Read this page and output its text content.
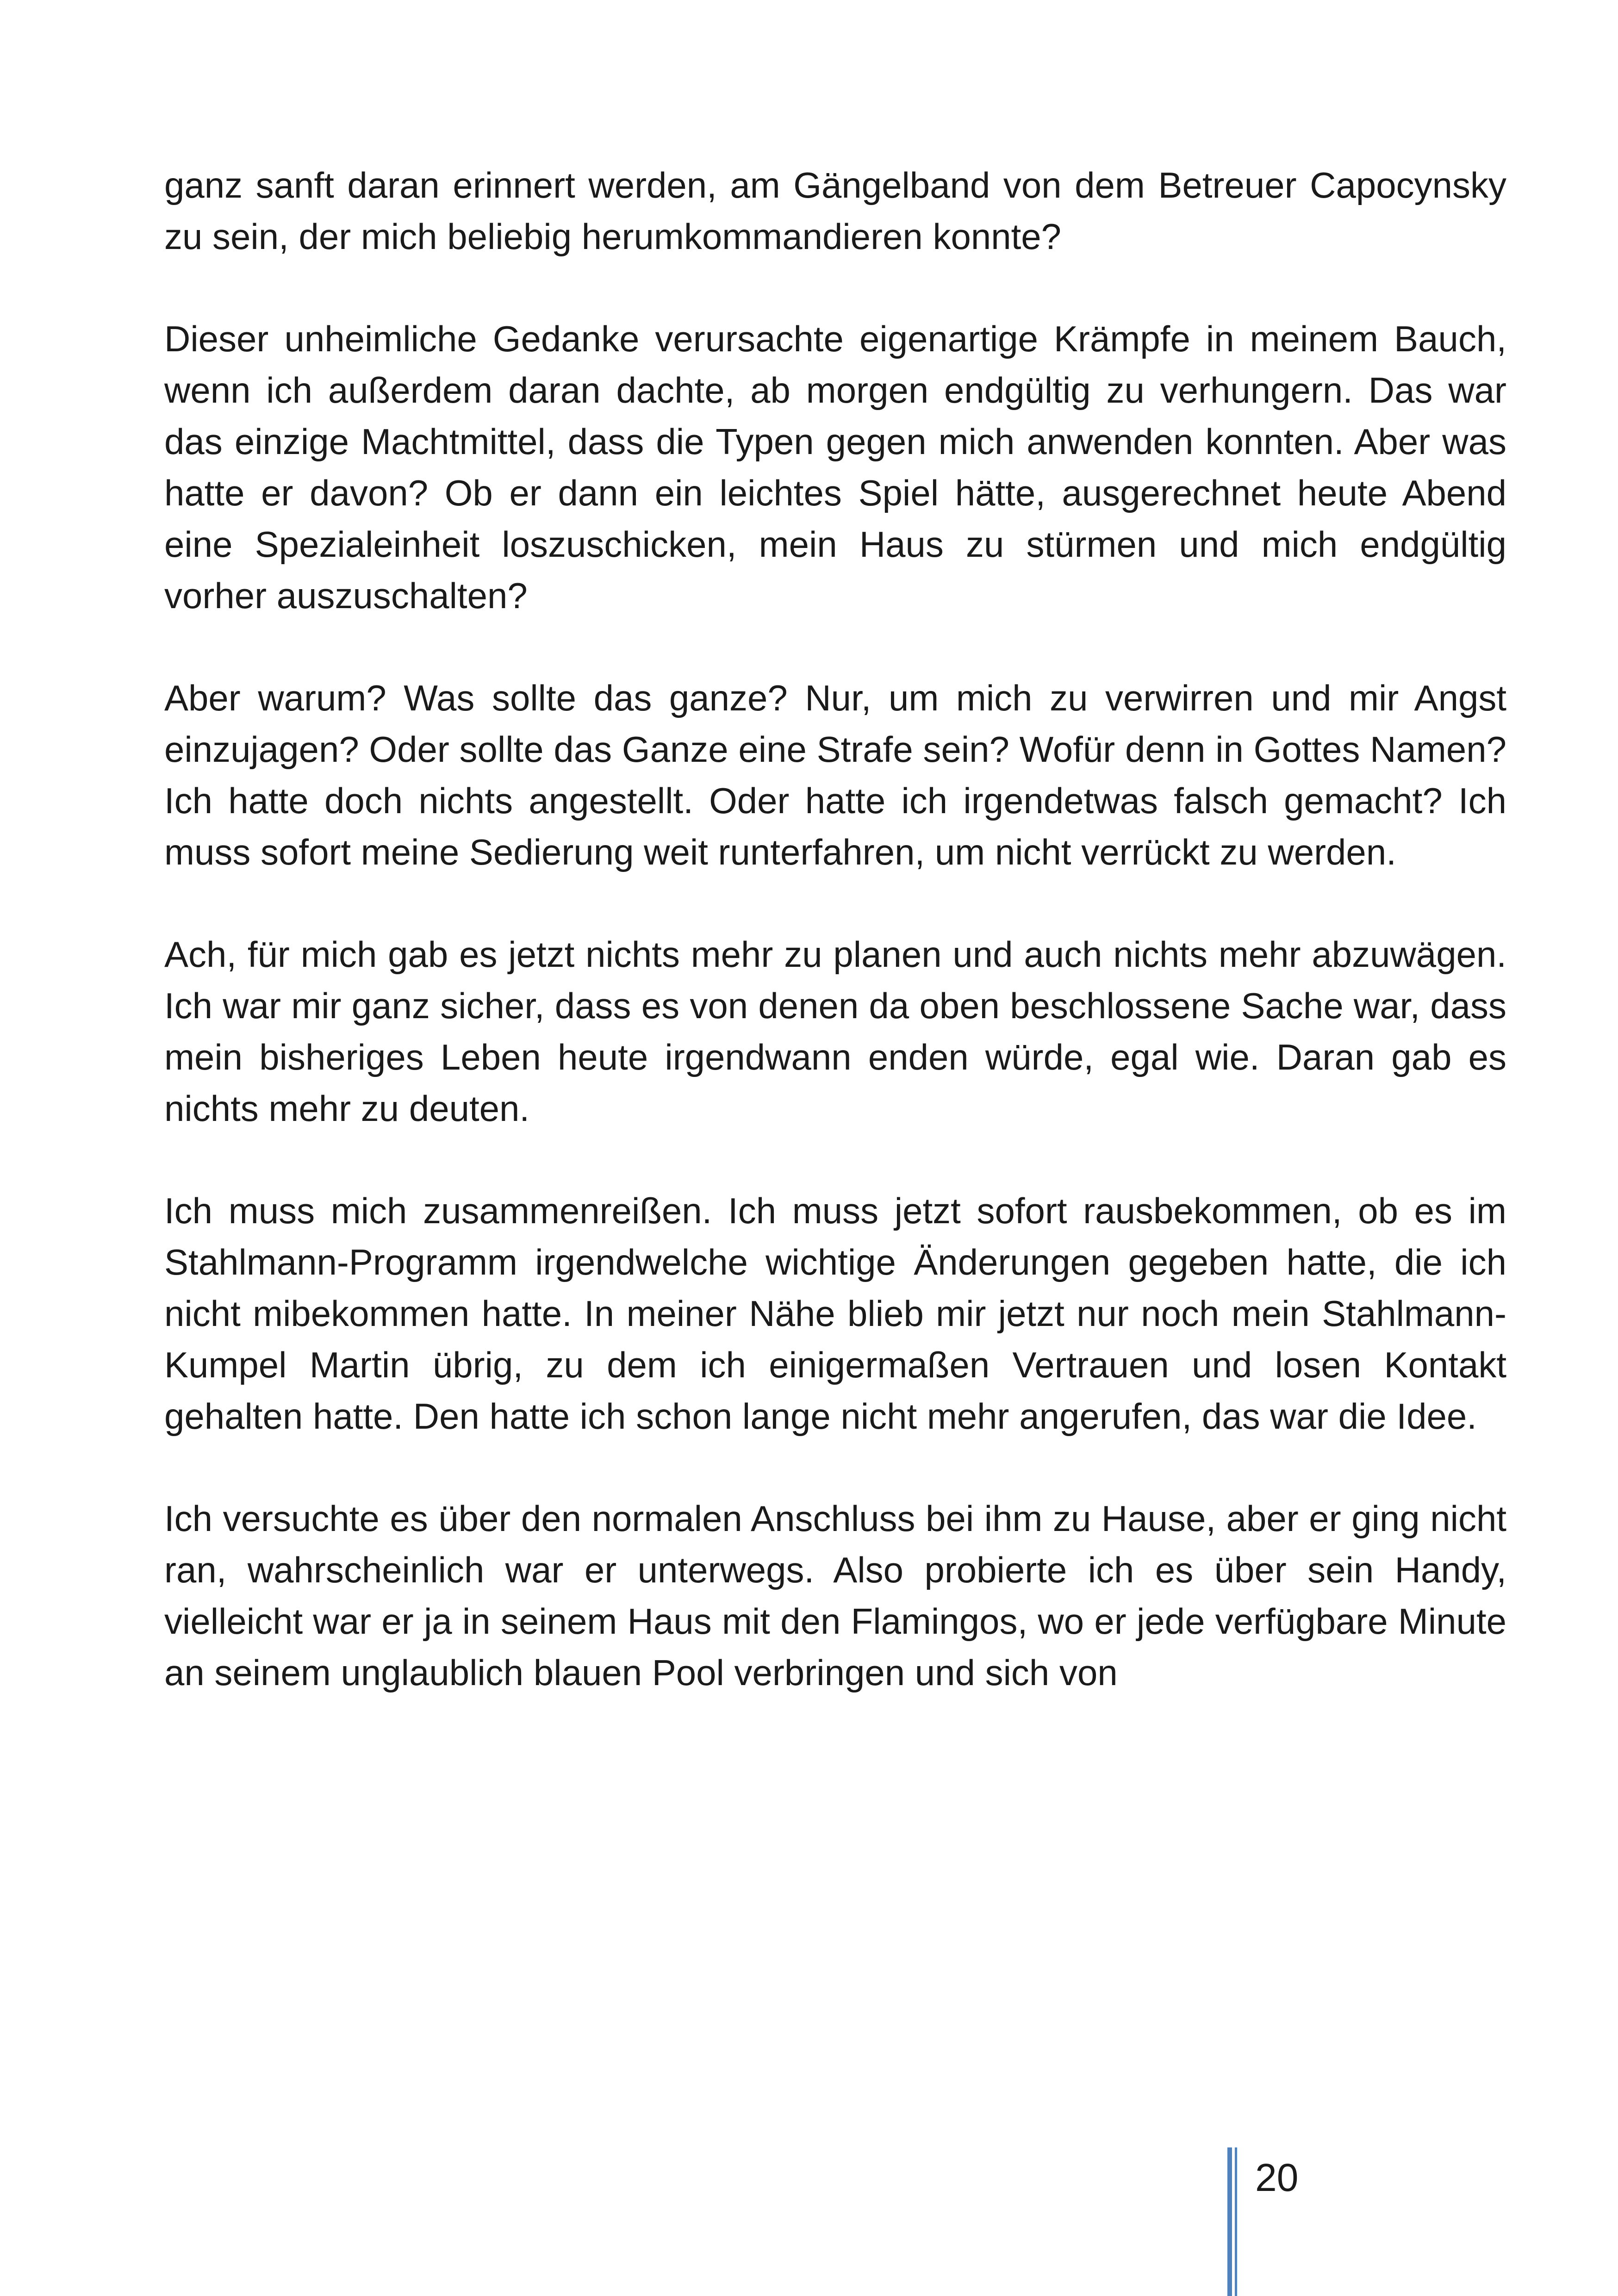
ganz sanft daran erinnert werden, am Gängelband von dem Betreuer Capocynsky zu sein, der mich beliebig herumkommandieren konnte?

Dieser unheimliche Gedanke verursachte eigenartige Krämpfe in meinem Bauch, wenn ich außerdem daran dachte, ab morgen endgültig zu verhungern. Das war das einzige Machtmittel, dass die Typen gegen mich anwenden konnten. Aber was hatte er davon? Ob er dann ein leichtes Spiel hätte, ausgerechnet heute Abend eine Spezialeinheit loszuschicken, mein Haus zu stürmen und mich endgültig vorher auszuschalten?

Aber warum? Was sollte das ganze? Nur, um mich zu verwirren und mir Angst einzujagen? Oder sollte das Ganze eine Strafe sein? Wofür denn in Gottes Namen? Ich hatte doch nichts angestellt. Oder hatte ich irgendetwas falsch gemacht? Ich muss sofort meine Sedierung weit runterfahren, um nicht verrückt zu werden.

Ach, für mich gab es jetzt nichts mehr zu planen und auch nichts mehr abzuwägen. Ich war mir ganz sicher, dass es von denen da oben beschlossene Sache war, dass mein bisheriges Leben heute irgendwann enden würde, egal wie. Daran gab es nichts mehr zu deuten.

Ich muss mich zusammenreißen. Ich muss jetzt sofort rausbekommen, ob es im Stahlmann-Programm irgendwelche wichtige Änderungen gegeben hatte, die ich nicht mibekommen hatte. In meiner Nähe blieb mir jetzt nur noch mein Stahlmann-Kumpel Martin übrig, zu dem ich einigermaßen Vertrauen und losen Kontakt gehalten hatte. Den hatte ich schon lange nicht mehr angerufen, das war die Idee.

Ich versuchte es über den normalen Anschluss bei ihm zu Hause, aber er ging nicht ran, wahrscheinlich war er unterwegs. Also probierte ich es über sein Handy, vielleicht war er ja in seinem Haus mit den Flamingos, wo er jede verfügbare Minute an seinem unglaublich blauen Pool verbringen und sich von

20
